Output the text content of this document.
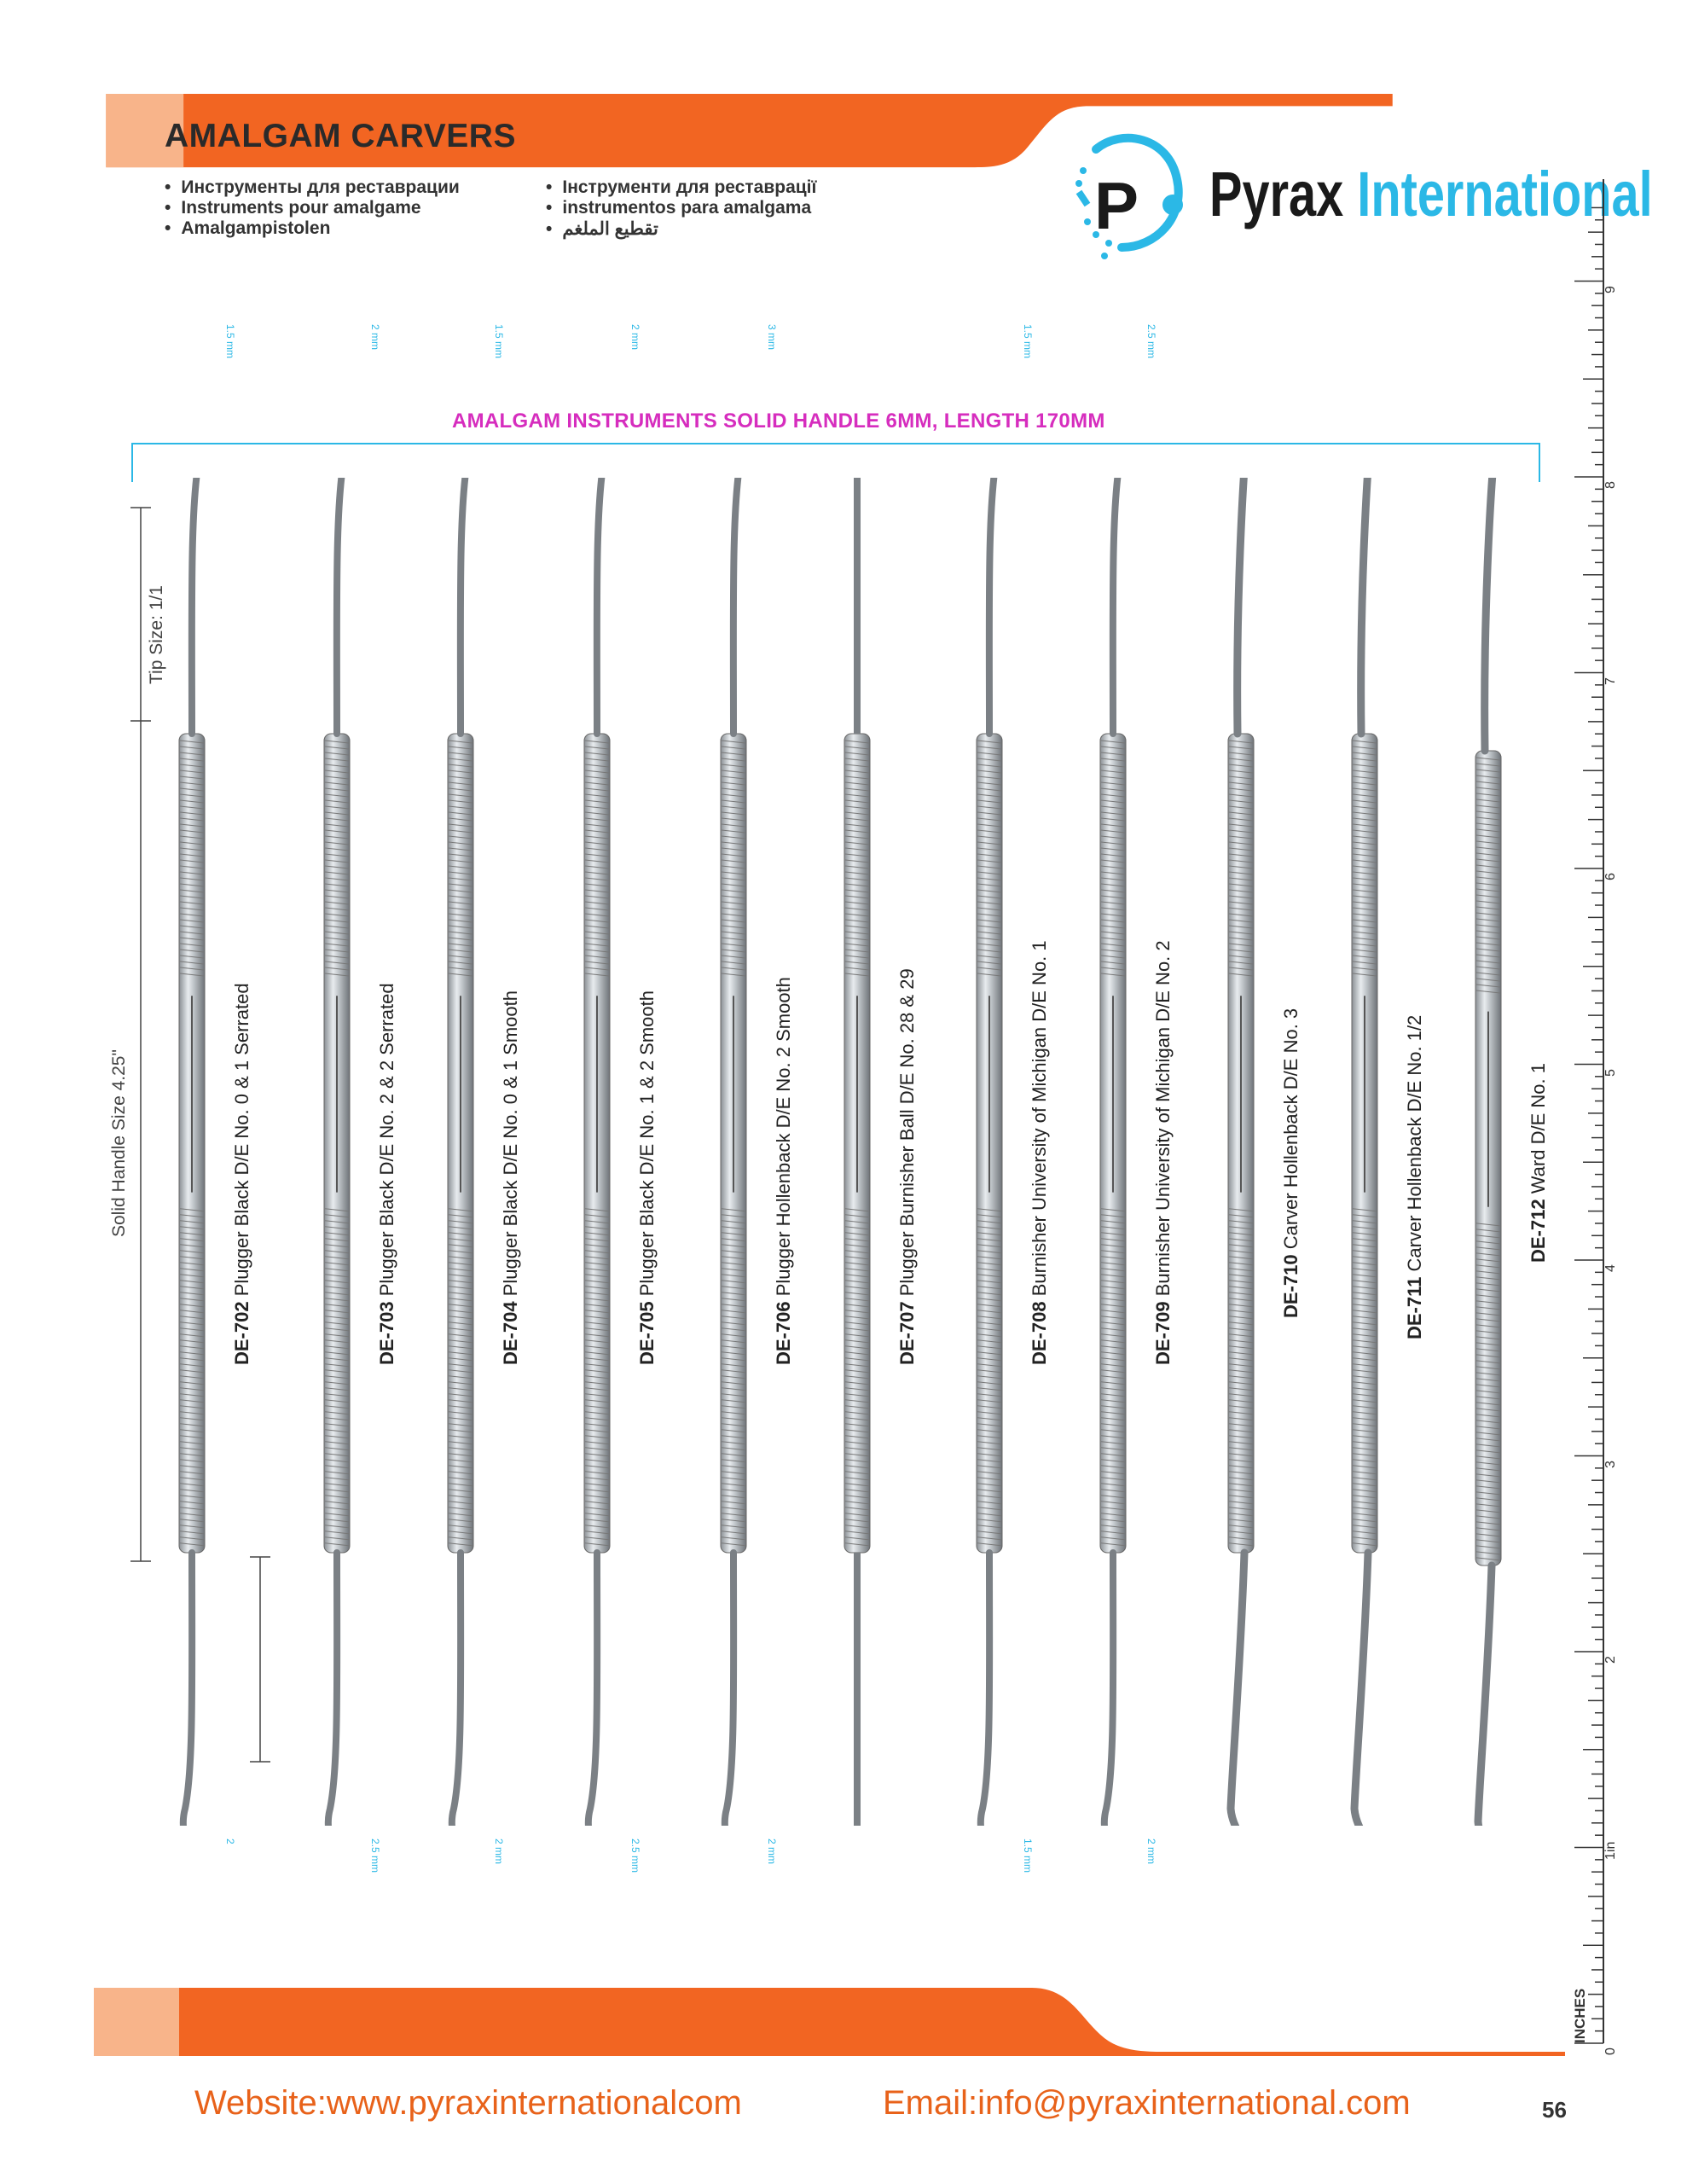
AMALGAM CARVERS
• Инструменты для реставрации
• Instruments pour amalgame
• Amalgampistolen
• Інструменти для реставрації
• instrumentos para amalgama
• تقطيع الملغم	P Pyrax International
AMALGAM INSTRUMENTS SOLID HANDLE 6MM, LENGTH 170MM
Tip Size: 1/1
Solid Handle Size 4.25"
1.5 mm
2
DE-702 Plugger Black D/E No. 0 & 1 Serrated
2 mm
2.5 mm
DE-703 Plugger Black D/E No. 2 & 2 Serrated
1.5 mm
2 mm
DE-704 Plugger Black D/E No. 0 & 1 Smooth
2 mm
2.5 mm
DE-705 Plugger Black D/E No. 1 & 2 Smooth
3 mm
2 mm
DE-706 Plugger Hollenback D/E No. 2 Smooth
DE-707 Plugger Burnisher Ball D/E No. 28 & 29
1.5 mm
1.5 mm
DE-708 Burnisher University of Michigan D/E No. 1
2.5 mm
2 mm
DE-709 Burnisher University of Michigan D/E No. 2	DE-710 Carver Hollenback D/E No. 3
DE-711 Carver Hollenback D/E No. 1/2	DE-712 Ward D/E No. 1
INCHES
0
1in
2
3
4
5
6
7
8
9
Website:www.pyraxinternationalcom	Email:info@pyraxinternational.com	56
